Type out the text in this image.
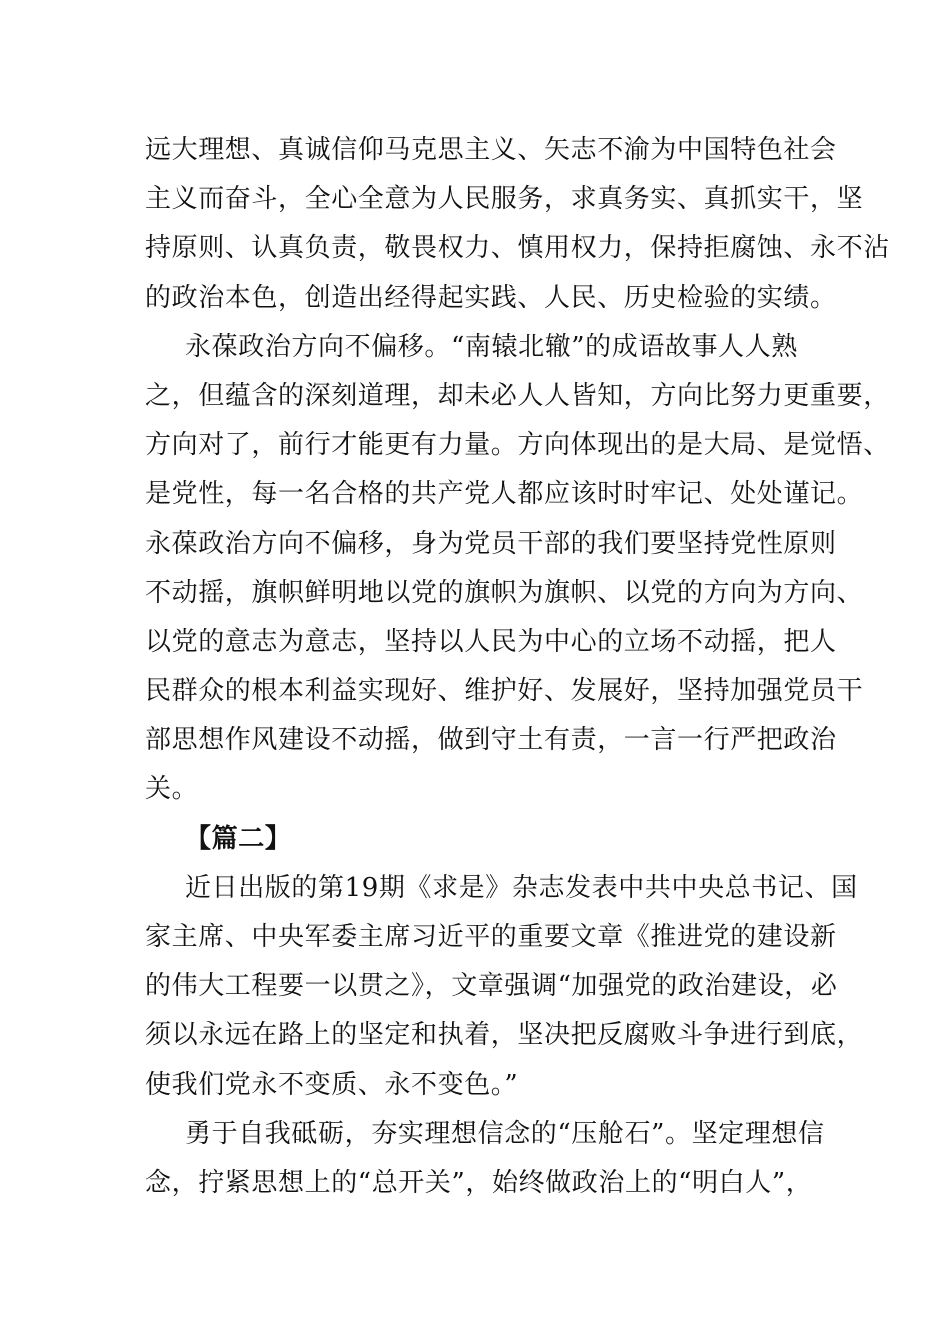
远大理想、真诚信仰马克思主义、矢志不渝为中国特色社会
主义而奋斗，全心全意为人民服务，求真务实、真抓实干，坚
持原则、认真负责，敬畏权力、慎用权力，保持拒腐蚀、永不沾
的政治本色，创造出经得起实践、人民、历史检验的实绩。
永葆政治方向不偏移。“南辕北辙”的成语故事人人熟
之，但蕴含的深刻道理，却未必人人皆知，方向比努力更重要，
方向对了，前行才能更有力量。方向体现出的是大局、是觉悟、
是党性，每一名合格的共产党人都应该时时牢记、处处谨记。
永葆政治方向不偏移，身为党员干部的我们要坚持党性原则
不动摇，旗帜鲜明地以党的旗帜为旗帜、以党的方向为方向、
以党的意志为意志，坚持以人民为中心的立场不动摇，把人
民群众的根本利益实现好、维护好、发展好，坚持加强党员干
部思想作风建设不动摇，做到守土有责，一言一行严把政治
关。
【篇二】
近日出版的第19期《求是》杂志发表中共中央总书记、国
家主席、中央军委主席习近平的重要文章《推进党的建设新
的伟大工程要一以贯之》，文章强调“加强党的政治建设，必
须以永远在路上的坚定和执着，坚决把反腐败斗争进行到底，
使我们党永不变质、永不变色。”
勇于自我砥砺，夯实理想信念的“压舱石”。坚定理想信
念，拧紧思想上的“总开关”，始终做政治上的“明白人”，
